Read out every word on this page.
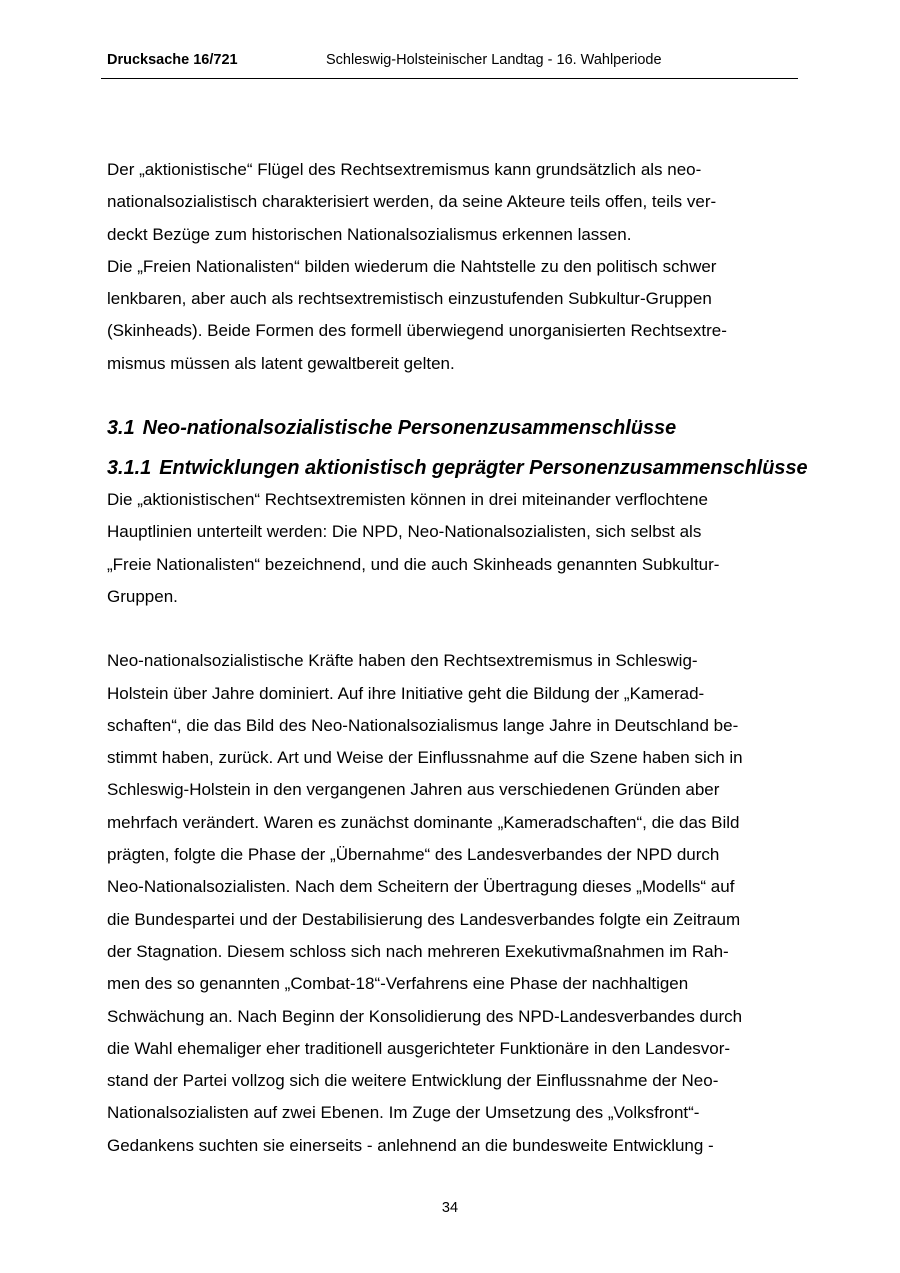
Drucksache 16/721	Schleswig-Holsteinischer Landtag - 16. Wahlperiode

Der „aktionistische“ Flügel des Rechtsextremismus kann grundsätzlich als neo-
nationalsozialistisch charakterisiert werden, da seine Akteure teils offen, teils ver-
deckt Bezüge zum historischen Nationalsozialismus erkennen lassen.
Die „Freien Nationalisten“ bilden wiederum die Nahtstelle zu den politisch schwer
lenkbaren, aber auch als rechtsextremistisch einzustufenden Subkultur-Gruppen
(Skinheads). Beide Formen des formell überwiegend unorganisierten Rechtsextre-
mismus müssen als latent gewaltbereit gelten.

3.1 Neo-nationalsozialistische Personenzusammenschlüsse
3.1.1 Entwicklungen aktionistisch geprägter Personenzusammenschlüsse

Die „aktionistischen“ Rechtsextremisten können in drei miteinander verflochtene
Hauptlinien unterteilt werden: Die NPD, Neo-Nationalsozialisten, sich selbst als
„Freie Nationalisten“ bezeichnend, und die auch Skinheads genannten Subkultur-
Gruppen.

Neo-nationalsozialistische Kräfte haben den Rechtsextremismus in Schleswig-
Holstein über Jahre dominiert. Auf ihre Initiative geht die Bildung der „Kamerad-
schaften“, die das Bild des Neo-Nationalsozialismus lange Jahre in Deutschland be-
stimmt haben, zurück. Art und Weise der Einflussnahme auf die Szene haben sich in
Schleswig-Holstein in den vergangenen Jahren aus verschiedenen Gründen aber
mehrfach verändert. Waren es zunächst dominante „Kameradschaften“, die das Bild
prägten, folgte die Phase der „Übernahme“ des Landesverbandes der NPD durch
Neo-Nationalsozialisten. Nach dem Scheitern der Übertragung dieses „Modells“ auf
die Bundespartei und der Destabilisierung des Landesverbandes folgte ein Zeitraum
der Stagnation. Diesem schloss sich nach mehreren Exekutivmaßnahmen im Rah-
men des so genannten „Combat-18“-Verfahrens eine Phase der nachhaltigen
Schwächung an. Nach Beginn der Konsolidierung des NPD-Landesverbandes durch
die Wahl ehemaliger eher traditionell ausgerichteter Funktionäre in den Landesvor-
stand der Partei vollzog sich die weitere Entwicklung der Einflussnahme der Neo-
Nationalsozialisten auf zwei Ebenen. Im Zuge der Umsetzung des „Volksfront“-
Gedankens suchten sie einerseits - anlehnend an die bundesweite Entwicklung -

34
